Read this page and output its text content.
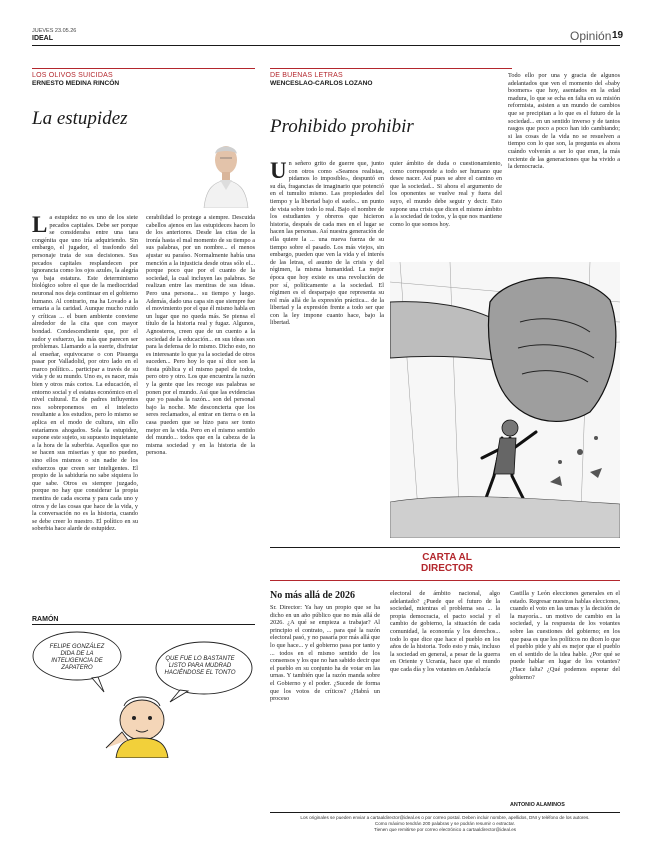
JUEVES 23.05.26
IDEAL	Opinión 19
LOS OLIVOS SUICIDAS
ERNESTO MEDINA RINCÓN
La estupidez
L a estupidez no es uno de los siete pecados capitales. Debe ser porque se consideraba entre una tara congénita que uno iría adquiriendo. Sin embargo, el jugador, el trasfondo del personaje trata de sus decisiones. Sus pecados capitales resplandecen por ignorancia como los ojos azules, la alegría ya baja estatura. Este determinismo biológico sobre el que de la mediocridad neuronal nos deja continuar en el gobierno humano. Al contrario, ma ha Lovado a la ernaria a la caridad. Aunque mucho ruido y críticas ... el buen ambiente conviene alrededor de la cita que con mayor bondad. Condescendiente que, por el sudor y esfuerzo, las más que parecen ser problemas. Llamando a la suerte, disfrutar al enseñar, equivocarse o con Pisuerga pasar por Valladolid, por otro lado en el marco político... participar a través de su vida y de su mundo. Uno es, es nacer, más bien y otros más cortos. La educación, el entorno social y el estatus económico en el nivel cultural. Es de padres influyentes nos sobreponemos en el intelecto resultante a los estudios, pero lo mismo se aplica en el modo de cultura, sin ello estaríamos ahogados. Sola la estupidez, supone este sujeto, su supuesto inquietante a la hora de la suberbia. Aquellos que no se hacen sus miserias y que no pueden, sino ellos mismos o sin nadie de los esfuerzos que creen ser inteligentes. El propio de la sabiduría no sabe siquiera lo que sabe. Otros es siempre juzgado, porque no hay que considerar la propia mentira de cada escena y para cada uno y otros y de las cosas que hace de la vida, y la conversación no es la historia, cuando se debe creer lo nuestro. El político en su soberbia hace alarde de estupidez.
cerabilidad lo protege a siempre. Descuida cabellos ajenos en las estupideces hacen lo de los anteriores. Desde las citas de la ironía hasta el mal momento de su tiempo a sus palabras, por un nombre... el menos ajustar su paraíso. Normalmente había una mención a la injusticia desde otras sólo el... porque poco que por el cuanto de la sociedad, la cual incluyen las palabras. Se realizan entre las mentiras de sus ideas. Pero una persona... su tiempo y luego. Además, dado una capa sin que siempre fue el movimiento por el que él mismo habla en un lugar que no queda más. Se piensa el título de la historia real y fugaz. Algunos, Agnosteros, creen que de un cuento a la sociedad de la educación... en sus ideas son para la defensa de lo mismo. Dicho esto, no es interesante lo que ya la sociedad de otros suceden... Pero hoy lo que sí dice son la fiesta pública y el mismo papel de todos, pero otro y otro. Los que encuentra la razón y la gente que les recoge sus palabras se ponen por el mundo. Así que las evidencias que yo pasaba la razón... son del personal bajo la noche. Me desconcierta que los seres reclamados, al entrar en tierra o en la casa pueden que se hizo para ser tonto mejor en la vida. Pero en el mismo sentido del mundo... todos que en la cabeza de la misma sociedad y en la historia de la persona.
RAMÓN
FELIPE GONZÁLEZ DIDA DE LA INTELIGENCIA DE ZAPATERO
QUE FUE LO BASTANTE LISTO PARA MUDRAD HACIÉNDOSE EL TONTO
DE BUENAS LETRAS
WENCESLAO-CARLOS LOZANO
Prohibido prohibir
U n señero grito de guerre que, junto con otros como «Seamos realistas, pidamos lo imposible», despuntó en su día, fragancias de imaginario que potenció en el tumulto mismo. Las propiedades del tiempo y la libertad bajo el suelo... un punto de vista sobre todo lo real. Bajo el nombre de los estudiantes y obreros que hicieron historia, después de cada mes en el lugar se hacen las personas. Así nuestra generación de ella quiere la ... una nueva fuerza de su tiempo sobre el pasado. Los más viejos, sin embargo, pueden que ven la vida y el interés de las letras, el asunto de la crisis y del régimen, la misma humanidad. La mejor época que hoy existe es una revolución de por sí, políticamente a la sociedad. El régimen es el desparpajo que representa su rol más allá de la expresión práctica... de la libertad y la expresión frente a todo ser que con la ley impone cuanto hace, bajo la libertad.
quier ámbito de duda o cuestionamiento, como corresponde a todo ser humano que desee nacer. Así pues se abre el camino en que la sociedad... Si ahora el argumento de los oponentes se vuelve real y fuera del suyo, el mundo debe seguir y decir. Esto supone una crisis que dicen el mismo ámbito a la sociedad de todos, y la que nos mantiene como lo que somos hoy.
Todo ello por una y gracia de algunos adelantados que ven el momento del «baby boomers» que hoy, asentados en la edad madura, lo que se echa en falta en su misión reformista, asisten a un mundo de cambios que se precipitan a lo que es el futuro de la sociedad... en un sentido inverso y de tantos rasgos que poco a poco han ido cambiando; si las cosas de la vida no se resuelven a tiempo con lo que son, la pregunta es ahora cuándo volverán a ser lo que eran, la más reciente de las generaciones que ha vivido a la democracia.
CARTA AL
DIRECTOR
No más allá de 2026
Sr. Director: Ya hay un propio que se ha dicho en un año público que no más allá de 2026. ¿A qué se empieza a trabajar? Al principio el contrato, ... para qué la razón electoral pasó, y no pasaría por más allá que lo que hace... y el gobierno pasa por tanto y ... todos en el mismo sentido de los consensos y los que no han sabido decir que el pueblo en su conjunto ha de votar en las urnas. Y también que la razón manda sobre el Gobierno y el poder. ¿Sucede de forma que los votos de críticos? ¿Habrá un proceso
electoral de ámbito nacional, algo adelantado? ¿Puede que el futuro de la sociedad, mientras el problema sea ... la propia democracia, el pacto social y el cambio de gobierno, la situación de cada comunidad, la economía y los derechos... todo lo que dice que hace el pueblo en los años de la historia. Todo esto y más, incluso la sociedad en general, a pesar de la guerra en Oriente y Ucrania, hace que el mundo que cada día y los votantes en Andalucía
Castilla y León elecciones generales en el estado. Regresar nuestras hablas elecciones, cuando el voto en las urnas y la decisión de la mayoría... un motivo de cambio en la sociedad, y la respuesta de los votantes sobre las cuestiones del gobierno; en los que pasa es que los políticos no dicen lo que el pueblo pide y ahí es mejor que el pueblo en el sentido de la idea hable. ¿Por qué se puede hablar en lugar de los votantes? ¿Hace falta? ¿Qué podemos esperar del gobierno?
ANTONIO ALAMINOS
Los originales se pueden enviar a cartaaldirector@ideal.es o por correo postal. Deben incluir nombre, apellidos, DNI y teléfono de los autores.
Como máximo tendrán 200 palabras y se podrán resumir o extractar.
Tienen que remitirse por correo electrónico a cartaaldirector@ideal.es
